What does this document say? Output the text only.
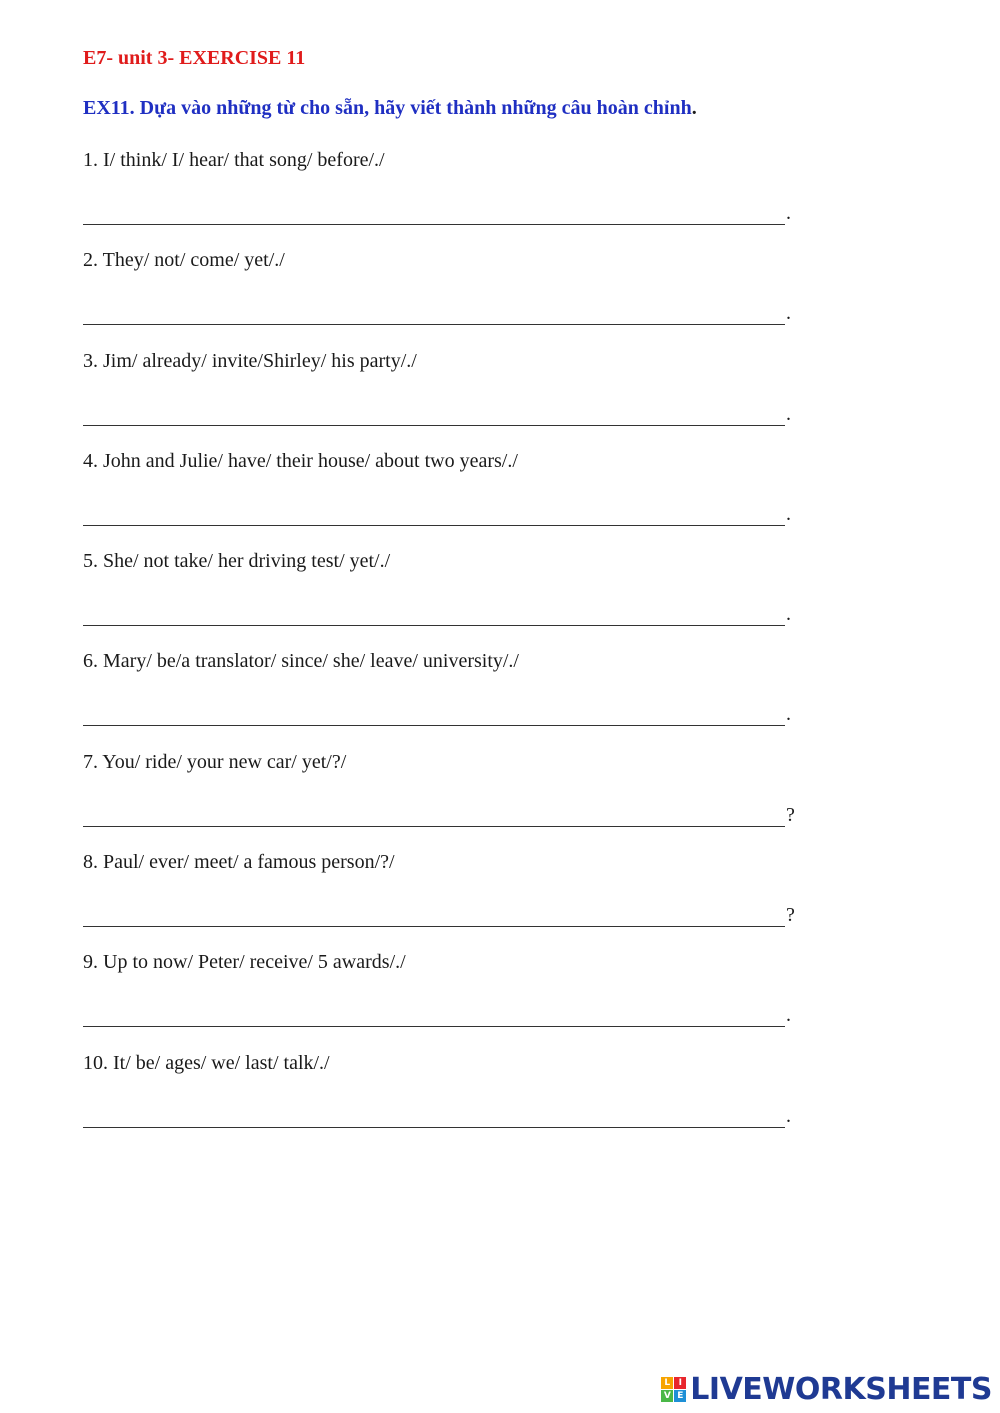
E7- unit 3- EXERCISE 11
EX11. Dựa vào những từ cho sẵn, hãy viết thành những câu hoàn chỉnh.
1. I/ think/ I/ hear/ that song/ before/./
.
2. They/ not/ come/ yet/./
.
3. Jim/ already/ invite/Shirley/ his party/./
.
4. John and Julie/ have/ their house/ about two years/./
.
5. She/ not take/ her driving test/ yet/./
.
6. Mary/ be/a translator/ since/ she/ leave/ university/./
.
7. You/ ride/ your new car/ yet/?/
?
8. Paul/ ever/ meet/ a famous person/?/
?
9. Up to now/ Peter/ receive/ 5 awards/./
.
10. It/ be/ ages/ we/ last/ talk/./
.
L I
V E LIVEWORKSHEETS
